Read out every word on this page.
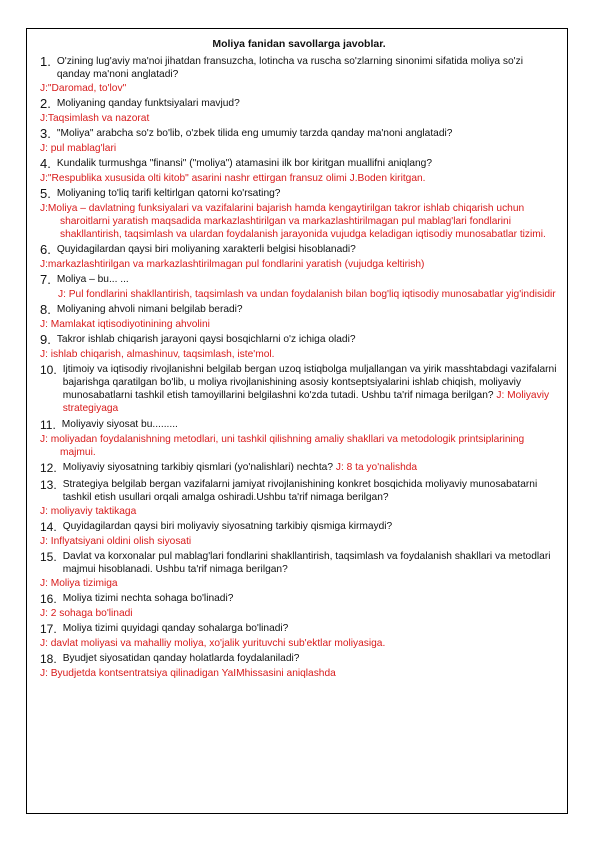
Moliya fanidan savollarga javoblar.
1. O'zining lug'aviy ma'noi jihatdan fransuzcha, lotincha va ruscha so'zlarning sinonimi sifatida moliya so'zi qanday ma'noni anglatadi?
J:"Daromad, to'lov"
2. Moliyaning qanday funktsiyalari mavjud?
J:Taqsimlash va nazorat
3. "Moliya" arabcha so'z bo'lib, o'zbek tilida eng umumiy tarzda qanday ma'noni anglatadi?
J: pul mablag'lari
4. Kundalik turmushga "finansi" ("moliya") atamasini ilk bor kiritgan muallifni aniqlang?
J:"Respublika xususida olti kitob" asarini nashr ettirgan fransuz olimi J.Boden kiritgan.
5. Moliyaning to'liq tarifi keltirlgan qatorni ko'rsating?
J:Moliya – davlatning funksiyalari va vazifalarini bajarish hamda kengaytirilgan takror ishlab chiqarish uchun sharoitlarni yaratish maqsadida markazlashtirilgan va markazlashtirilmagan pul mablag'lari fondlarini shakllantirish, taqsimlash va ulardan foydalanish jarayonida vujudga keladigan iqtisodiy munosabatlar tizimi.
6. Quyidagilardan qaysi biri moliyaning xarakterli belgisi hisoblanadi?
J:markazlashtirilgan va markazlashtirilmagan pul fondlarini yaratish (vujudga keltirish)
7. Moliya – bu... ...
J: Pul fondlarini shakllantirish, taqsimlash va undan foydalanish bilan bog'liq iqtisodiy munosabatlar yig'indisidir
8. Moliyaning ahvoli nimani belgilab beradi?
J: Mamlakat iqtisodiyotinining ahvolini
9. Takror ishlab chiqarish jarayoni qaysi bosqichlarni o'z ichiga oladi?
J: ishlab chiqarish, almashinuv, taqsimlash, iste'mol.
10. Ijtimoiy va iqtisodiy rivojlanishni belgilab bergan uzoq istiqbolga muljallangan va yirik masshtabdagi vazifalarni bajarishga qaratilgan bo'lib, u moliya rivojlanishining asosiy kontseptsiyalarini ishlab chiqish, moliyaviy munosabatlarni tashkil etish tamoyillarini belgilashni ko'zda tutadi. Ushbu ta'rif nimaga berilgan? J: Moliyaviy strategiyaga
11. Moliyaviy siyosat bu.........
J: moliyadan foydalanishning metodlari, uni tashkil qilishning amaliy shakllari va metodologik printsiplarining majmui.
12. Moliyaviy siyosatning tarkibiy qismlari (yo'nalishlari) nechta? J: 8 ta yo'nalishda
13. Strategiya belgilab bergan vazifalarni jamiyat rivojlanishining konkret bosqichida moliyaviy munosabatarni tashkil etish usullari orqali amalga oshiradi.Ushbu ta'rif nimaga berilgan?
J: moliyaviy taktikaga
14. Quyidagilardan qaysi biri moliyaviy siyosatning tarkibiy qismiga kirmaydi?
J: Inflyatsiyani oldini olish siyosati
15. Davlat va korxonalar pul mablag'lari fondlarini shakllantirish, taqsimlash va foydalanish shakllari va metodlari majmui hisoblanadi. Ushbu ta'rif nimaga berilgan?
J: Moliya tizimiga
16. Moliya tizimi nechta sohaga bo'linadi?
J: 2 sohaga bo'linadi
17. Moliya tizimi quyidagi qanday sohalarga bo'linadi?
J: davlat moliyasi va mahalliy moliya, xo'jalik yurituvchi sub'ektlar moliyasiga.
18. Byudjet siyosatidan qanday holatlarda foydalaniladi?
J: Byudjetda kontsentratsiya qilinadigan YaIMhissasini aniqlashda
